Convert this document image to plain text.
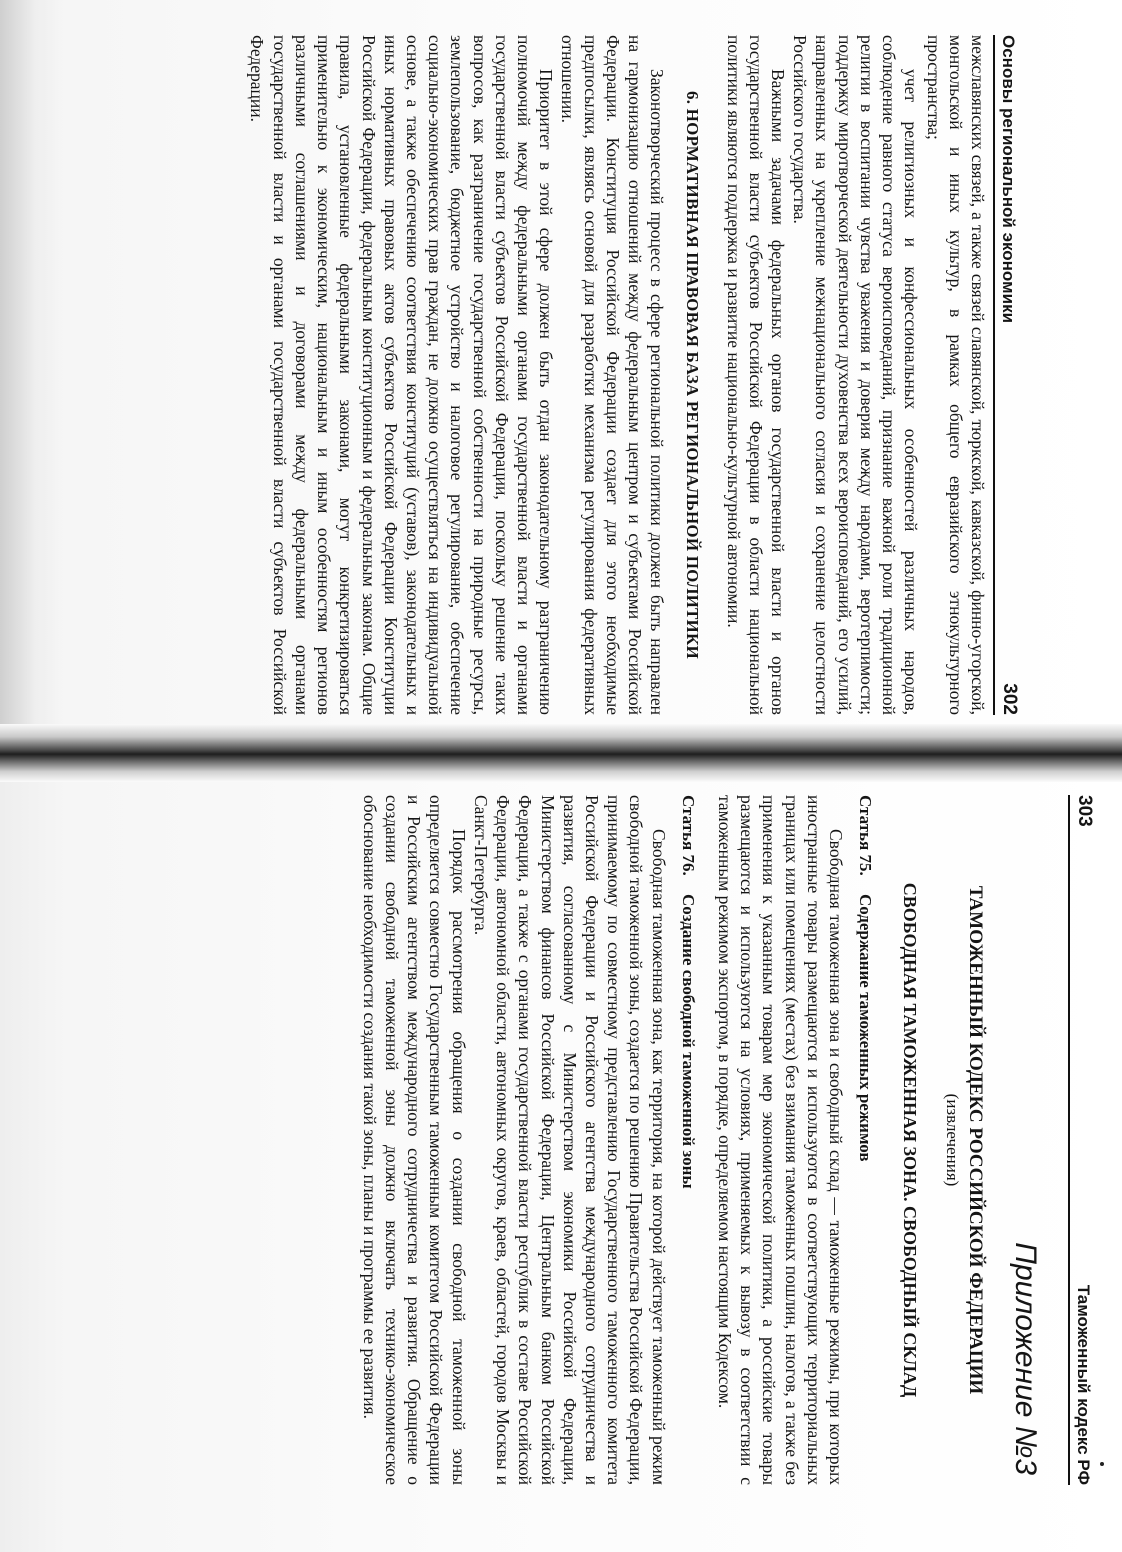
Основы региональной экономики
302

межславянских связей, а также связей славянской, тюркской, кавказской, финно-угорской, монгольской и иных культур, в рамках общего евразийского этнокультурного пространства;

учет религиозных и конфессиональных особенностей различных народов, соблюдение равного статуса вероисповеданий, признание важной роли традиционной религии в воспитании чувства уважения и доверия между народами, веротерпимости; поддержку миротворческой деятельности духовенства всех вероисповеданий, его усилий, направленных на укрепление межнационального согласия и сохранение целостности Российского государства.

Важными задачами федеральных органов государственной власти и органов государственной власти субъектов Российской Федерации в области национальной политики являются поддержка и развитие национально-культурной автономии.

6. НОРМАТИВНАЯ ПРАВОВАЯ БАЗА РЕГИОНАЛЬНОЙ ПОЛИТИКИ

Законотворческий процесс в сфере региональной политики должен быть направлен на гармонизацию отношений между федеральным центром и субъектами Российской Федерации. Конституция Российской Федерации создает для этого необходимые предпосылки, являясь основой для разработки механизма регулирования федеративных отношении.

Приоритет в этой сфере должен быть отдан законодательному разграничению полномочий между федеральными органами государственной власти и органами государственной власти субъектов Российской Федерации, поскольку решение таких вопросов, как разграничение государственной собственности на природные ресурсы, землепользование, бюджетное устройство и налоговое регулирование, обеспечение социально-экономических прав граждан, не должно осуществляться на индивидуальной основе, а также обеспечению соответствия конституций (уставов), законодательных и иных нормативных правовых актов субъектов Российской Федерации Конституции Российской Федерации, федеральным конституционным и федеральным законам. Общие правила, установленные федеральными законами, могут конкретизироваться применительно к экономическим, национальным и иным особенностям регионов различными соглашениями и договорами между федеральными органами государственной власти и органами государственной власти субъектов Российской Федерации.

303
Таможенный кодекс РФ
Приложение №3
ТАМОЖЕННЫЙ КОДЕКС РОССИЙСКОЙ ФЕДЕРАЦИИ
(извлечения)
СВОБОДНАЯ ТАМОЖЕННАЯ ЗОНА. СВОБОДНЫЙ СКЛАД
Статья 75. Содержание таможенных режимов

Свободная таможенная зона и свободный склад — таможенные режимы, при которых иностранные товары размещаются и используются в соответствующих территориальных границах или помещениях (местах) без взимания таможенных пошлин, налогов, а также без применения к указанным товарам мер экономической политики, а российские товары размещаются и используются на условиях, применяемых к вывозу в соответствии с таможенным режимом экспортом, в порядке, определяемом настоящим Кодексом.

Статья 76. Создание свободной таможенной зоны

Свободная таможенная зона, как территория, на которой действует таможенный режим свободной таможенной зоны, создается по решению Правительства Российской Федерации, принимаемому по совместному представлению Государственного таможенного комитета Российской Федерации и Российского агентства международного сотрудничества и развития, согласованному с Министерством экономики Российской Федерации, Министерством финансов Российской Федерации, Центральным банком Российской Федерации, а также с органами государственной власти республик в составе Российской Федерации, автономной области, автономных округов, краев, областей, городов Москвы и Санкт-Петербурга.

Порядок рассмотрения обращения о создании свободной таможенной зоны определяется совместно Государственным таможенным комитетом Российской Федерации и Российским агентством международного сотрудничества и развития. Обращение о создании свободной таможенной зоны должно включать технико-экономическое обоснование необходимости создания такой зоны, планы и программы ее развития.
